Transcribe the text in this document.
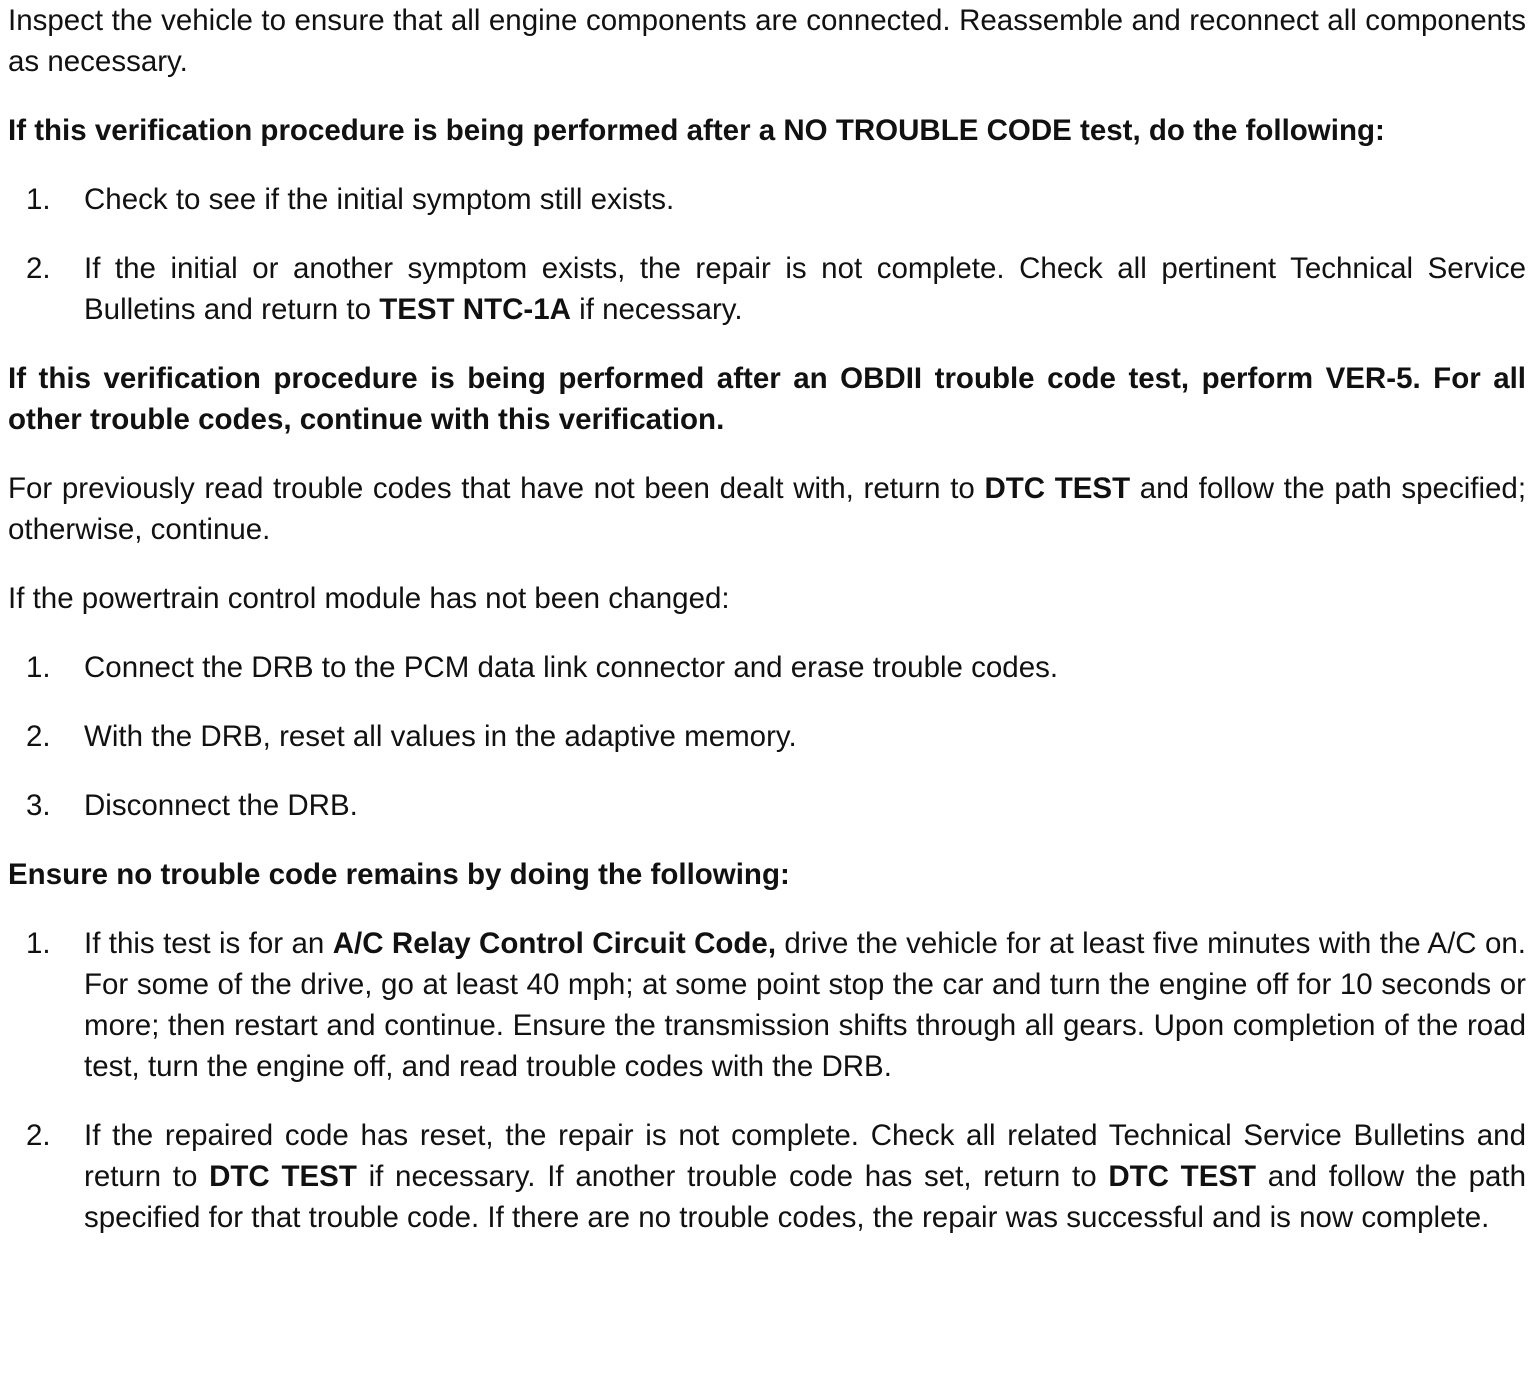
Inspect the vehicle to ensure that all engine components are connected. Reassemble and reconnect all components as necessary.

If this verification procedure is being performed after a NO TROUBLE CODE test, do the following:

1. Check to see if the initial symptom still exists.
2. If the initial or another symptom exists, the repair is not complete. Check all pertinent Technical Service Bulletins and return to TEST NTC-1A if necessary.

If this verification procedure is being performed after an OBDII trouble code test, perform VER-5. For all other trouble codes, continue with this verification.

For previously read trouble codes that have not been dealt with, return to DTC TEST and follow the path specified; otherwise, continue.

If the powertrain control module has not been changed:

1. Connect the DRB to the PCM data link connector and erase trouble codes.
2. With the DRB, reset all values in the adaptive memory.
3. Disconnect the DRB.

Ensure no trouble code remains by doing the following:

1. If this test is for an A/C Relay Control Circuit Code, drive the vehicle for at least five minutes with the A/C on. For some of the drive, go at least 40 mph; at some point stop the car and turn the engine off for 10 seconds or more; then restart and continue. Ensure the transmission shifts through all gears. Upon completion of the road test, turn the engine off, and read trouble codes with the DRB.
2. If the repaired code has reset, the repair is not complete. Check all related Technical Service Bulletins and return to DTC TEST if necessary. If another trouble code has set, return to DTC TEST and follow the path specified for that trouble code. If there are no trouble codes, the repair was successful and is now complete.
